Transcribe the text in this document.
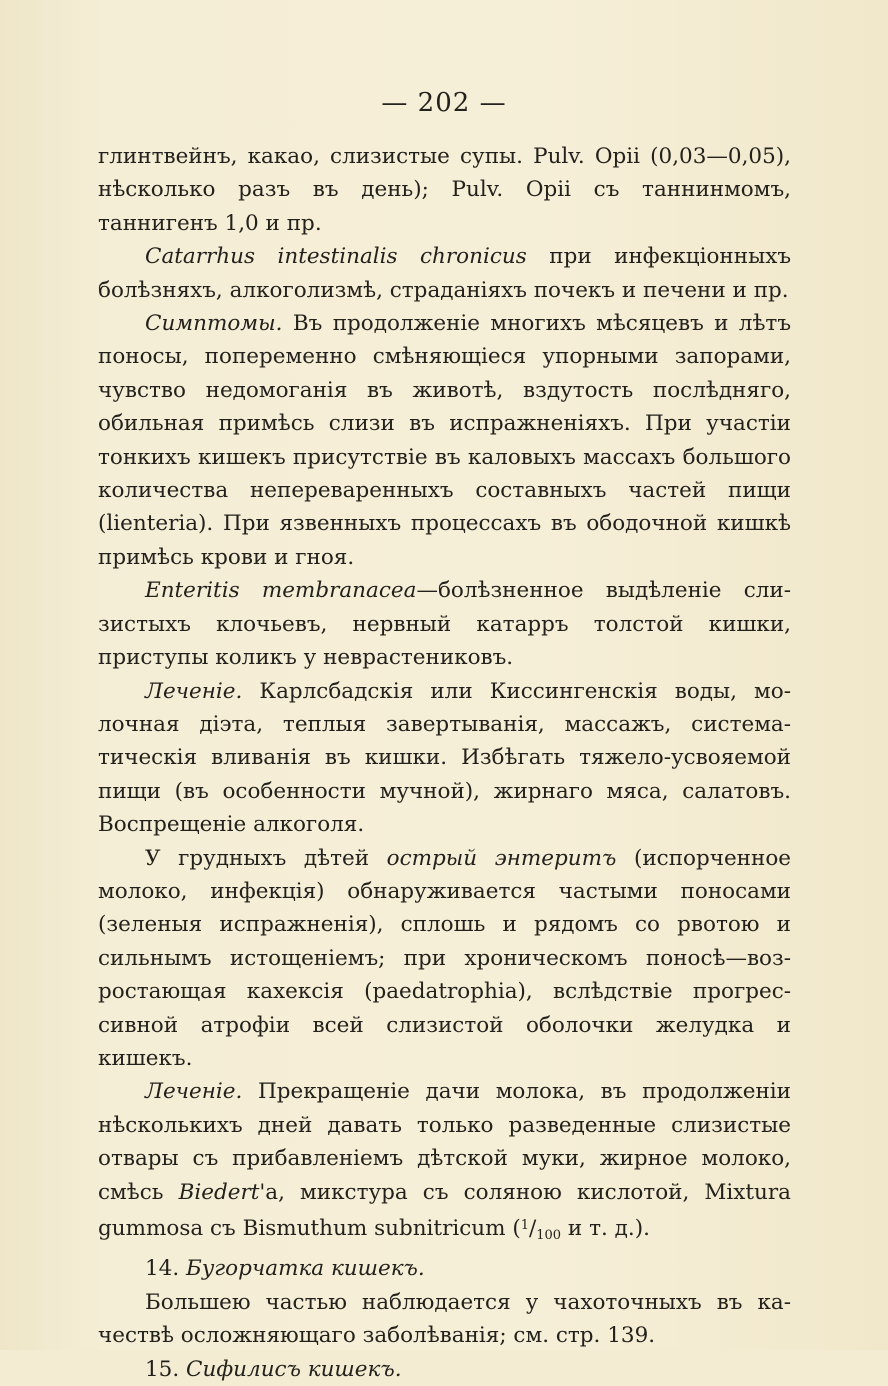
— 202 —

глинтвейнъ, какао, слизистые супы. Pulv. Opii (0,03—0,05), нѣсколько разъ въ день); Pulv. Opii съ таннинмомъ, таннигенъ 1,0 и пр.

Catarrhus intestinalis chronicus при инфекціонныхъ болѣзняхъ, алкоголизмѣ, страданіяхъ почекъ и печени и пр.

Симптомы. Въ продолженіе многихъ мѣсяцевъ и лѣтъ поносы, попеременно смѣняющіеся упорными запорами, чувство недомоганія въ животѣ, вздутость послѣдняго, обильная примѣсь слизи въ испражненіяхъ. При участіи тонкихъ кишекъ присутствіе въ каловыхъ массахъ большого количества непереваренныхъ составныхъ частей пищи (lienteria). При язвенныхъ процессахъ въ ободочной кишкѣ примѣсь крови и гноя.

Enteritis membranacea—болѣзненное выдѣленіе слизистыхъ клочьевъ, нервный катарръ толстой кишки, приступы коликъ у неврастениковъ.

Леченіе. Карлсбадскія или Киссингенскія воды, молочная діэта, теплыя завертыванія, массажъ, систематическія вливанія въ кишки. Избѣгать тяжело-усвояемой пищи (въ особенности мучной), жирнаго мяса, салатовъ. Воспрещеніе алкоголя.

У грудныхъ дѣтей острый энтеритъ (испорченное молоко, инфекція) обнаруживается частыми поносами (зеленыя испражненія), сплошь и рядомъ со рвотою и сильнымъ истощеніемъ; при хроническомъ поносѣ—возростающая кахексія (paedatrophia), вслѣдствіе прогрессивной атрофіи всей слизистой оболочки желудка и кишекъ.

Леченіе. Прекращеніе дачи молока, въ продолженіи нѣсколькихъ дней давать только разведенные слизистые отвары съ прибавленіемъ дѣтской муки, жирное молоко, смѣсь Biedert'а, микстура съ соляною кислотой, Mixtura gummosa съ Bismuthum subnitricum ($^1/_{100}$ и т. д.).

14. Бугорчатка кишекъ.

Большею частью наблюдается у чахоточныхъ въ качествѣ осложняющаго заболѣванія; см. стр. 139.

15. Сифилисъ кишекъ.
